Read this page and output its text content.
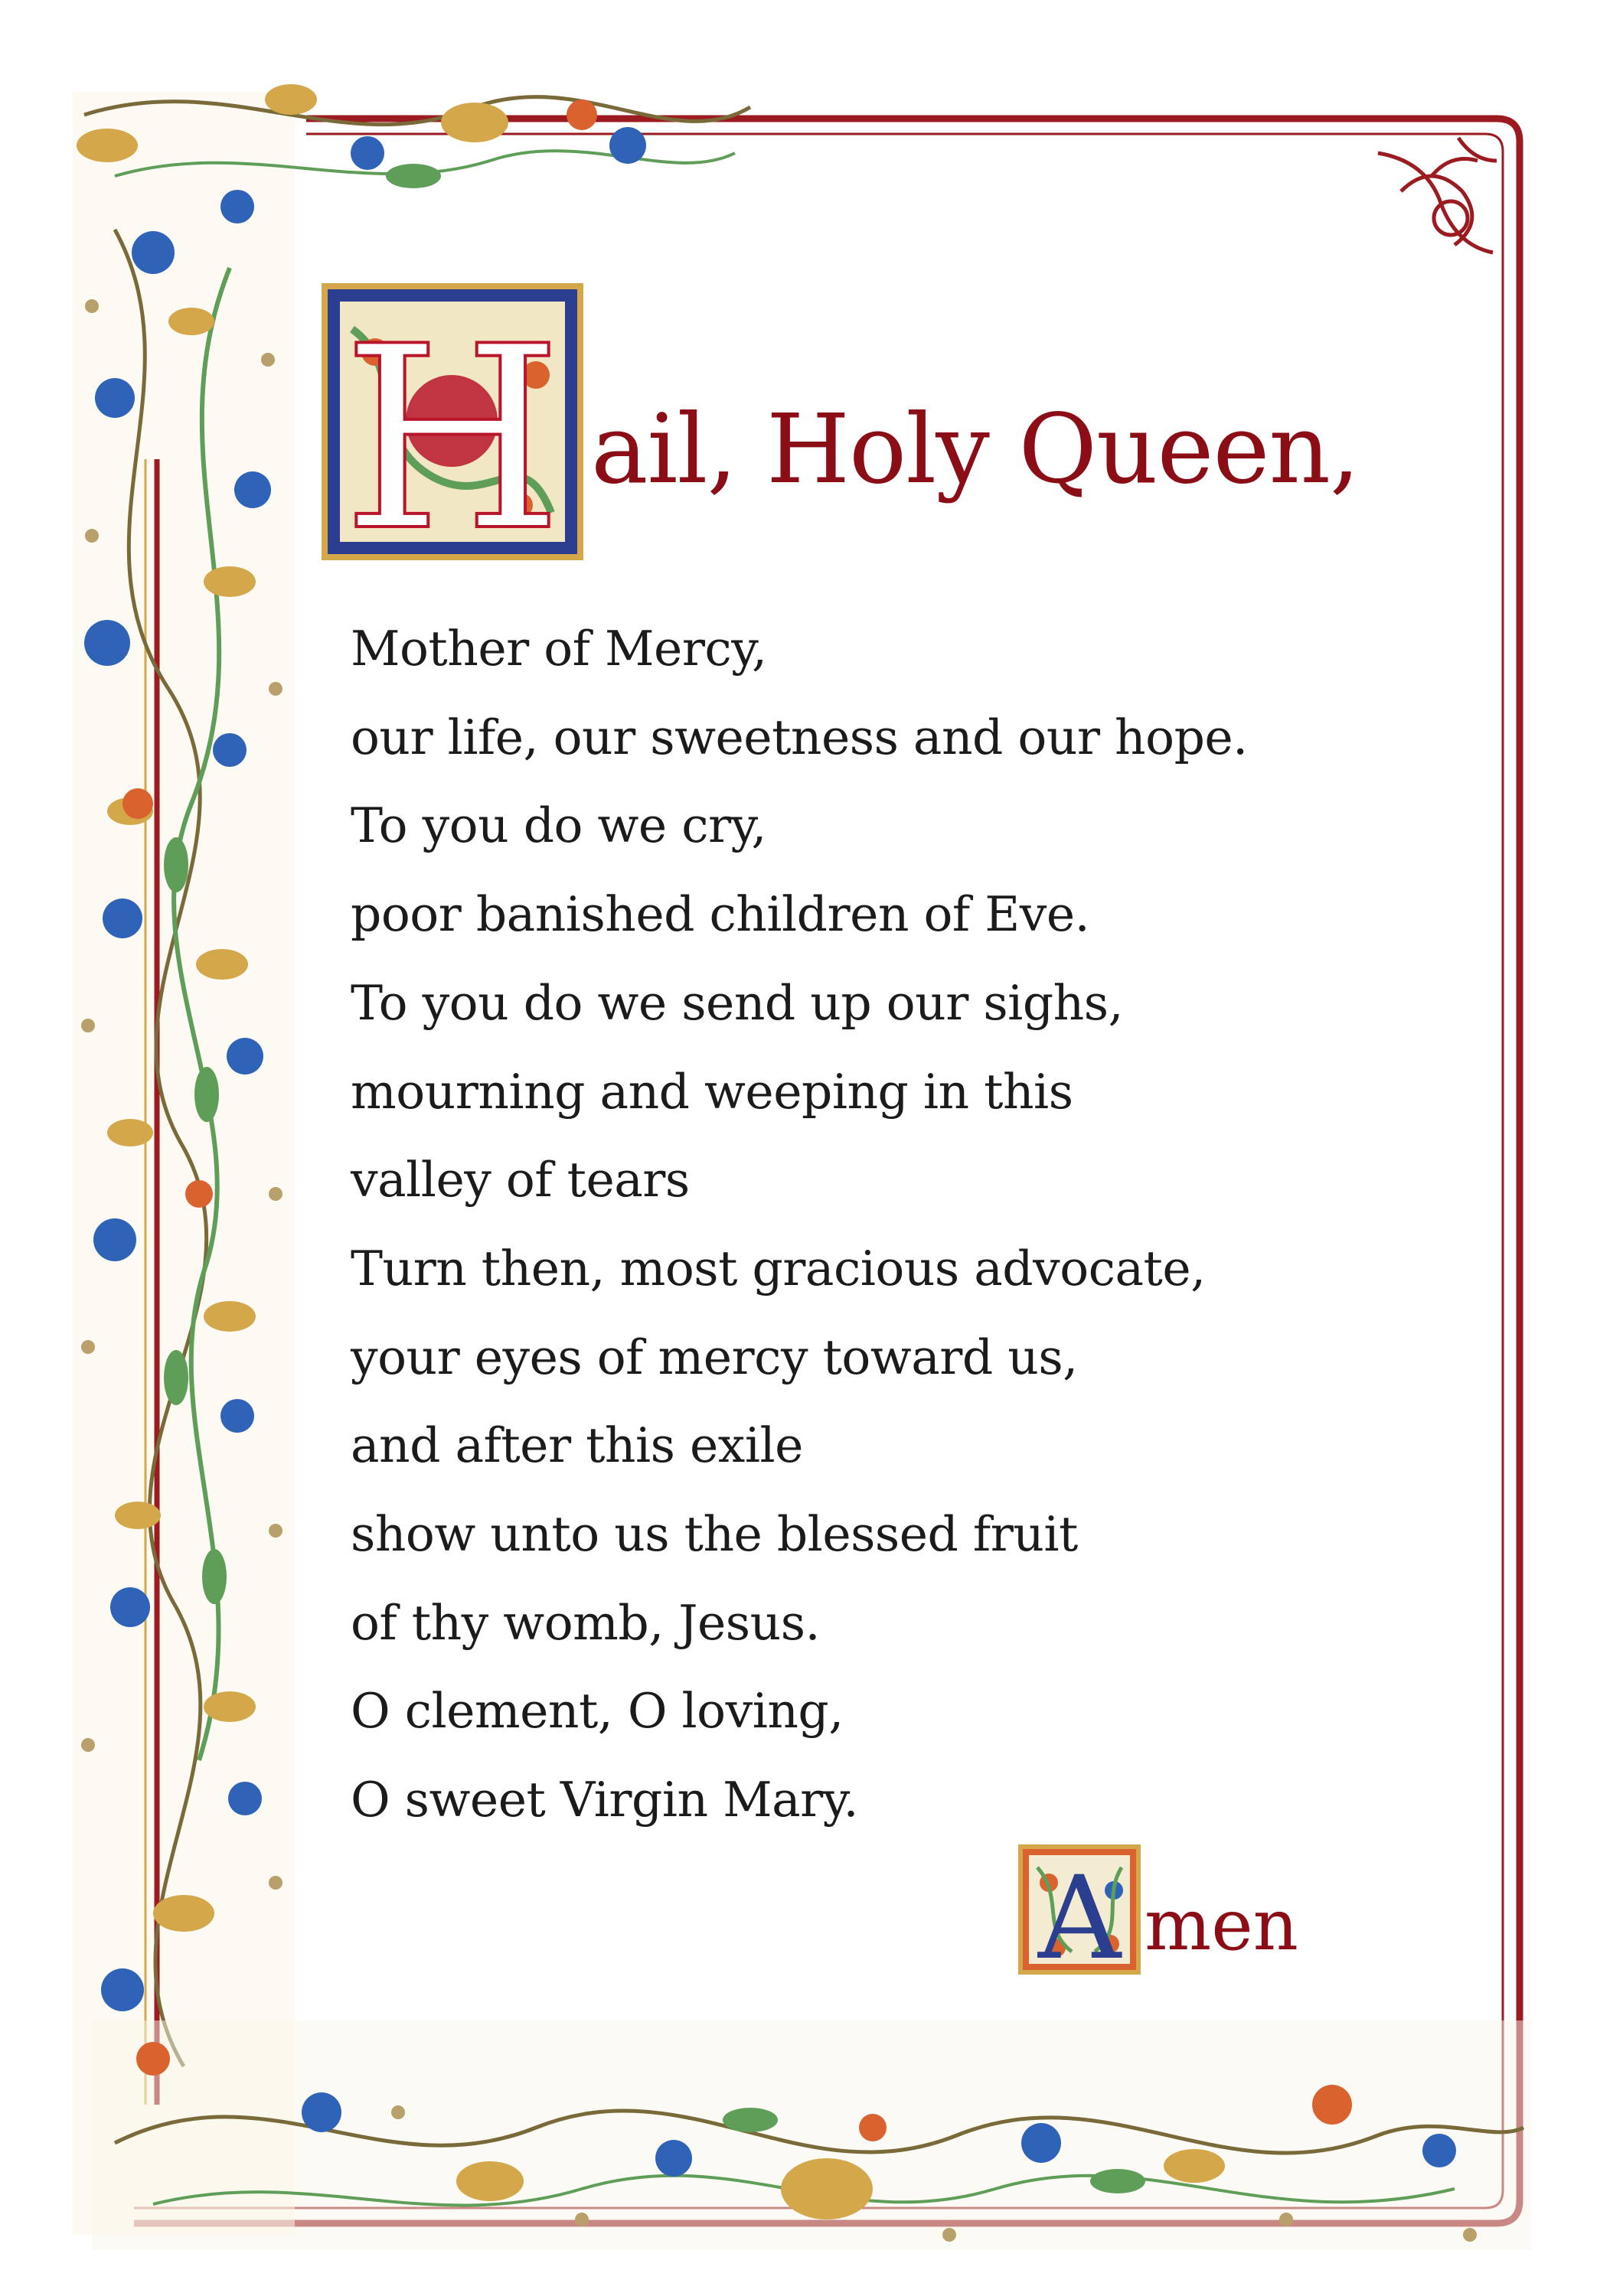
H ail, Holy Queen,
Mother of Mercy,
our life, our sweetness and our hope.
To you do we cry,
poor banished children of Eve.
To you do we send up our sighs,
mourning and weeping in this
valley of tears
Turn then, most gracious advocate,
your eyes of mercy toward us,
and after this exile
show unto us the blessed fruit
of thy womb, Jesus.
O clement, O loving,
O sweet Virgin Mary.
A men
